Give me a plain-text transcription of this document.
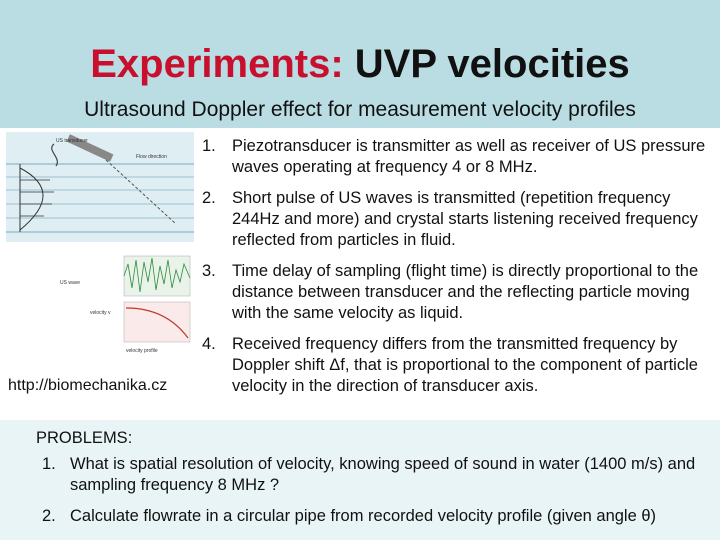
Experiments: UVP velocities
Ultrasound Doppler effect for measurement velocity profiles
US transducer
Flow direction
US wave
velocity v
velocity profile
http://biomechanika.cz
1. Piezotransducer is transmitter as well as receiver of US pressure waves operating at frequency 4 or 8 MHz.
2. Short pulse of US waves is transmitted (repetition frequency 244Hz and more) and crystal starts listening received frequency reflected from particles in fluid.
3. Time delay of sampling (flight time) is directly proportional to the distance between transducer and the reflecting particle moving with the same velocity as liquid.
4. Received frequency differs from the transmitted frequency by Doppler shift Δf, that is proportional to the component of particle velocity in the direction of transducer axis.
PROBLEMS:
1. What is spatial resolution of velocity, knowing speed of sound in water (1400 m/s) and sampling frequency 8 MHz ?
2. Calculate flowrate in a circular pipe from recorded velocity profile (given angle θ)
